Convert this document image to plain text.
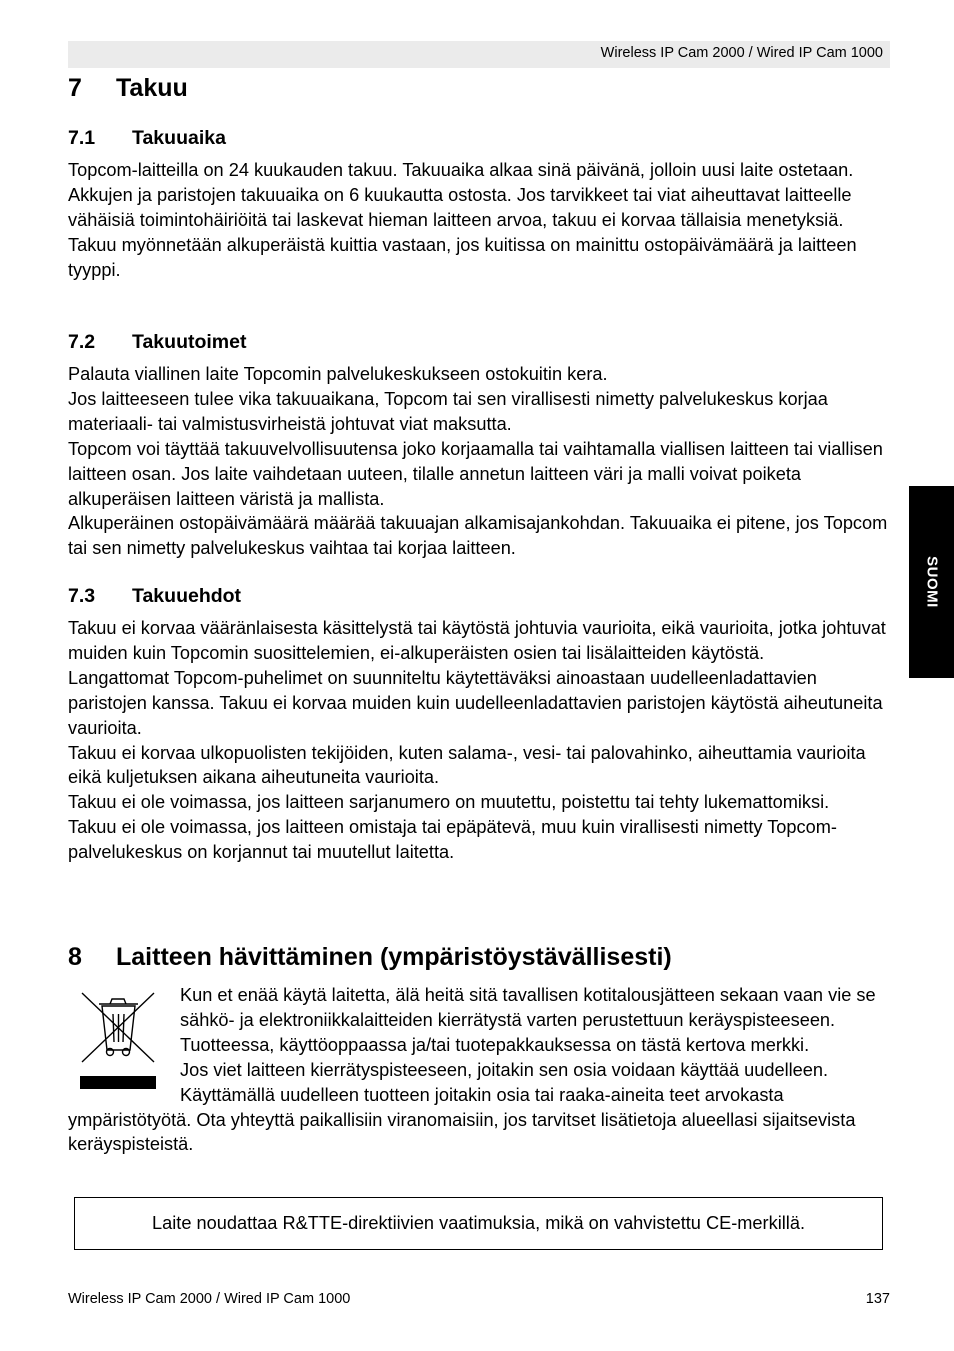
Wireless IP Cam 2000 / Wired IP Cam 1000
SUOMI
7 Takuu
7.1 Takuuaika

Topcom-laitteilla on 24 kuukauden takuu. Takuuaika alkaa sinä päivänä, jolloin uusi laite ostetaan. Akkujen ja paristojen takuuaika on 6 kuukautta ostosta. Jos tarvikkeet tai viat aiheuttavat laitteelle vähäisiä toimintohäiriöitä tai laskevat hieman laitteen arvoa, takuu ei korvaa tällaisia menetyksiä.

Takuu myönnetään alkuperäistä kuittia vastaan, jos kuitissa on mainittu ostopäivämäärä ja laitteen tyyppi.

7.2 Takuutoimet

Palauta viallinen laite Topcomin palvelukeskukseen ostokuitin kera.

Jos laitteeseen tulee vika takuuaikana, Topcom tai sen virallisesti nimetty palvelukeskus korjaa materiaali- tai valmistusvirheistä johtuvat viat maksutta.

Topcom voi täyttää takuuvelvollisuutensa joko korjaamalla tai vaihtamalla viallisen laitteen tai viallisen laitteen osan. Jos laite vaihdetaan uuteen, tilalle annetun laitteen väri ja malli voivat poiketa alkuperäisen laitteen väristä ja mallista.

Alkuperäinen ostopäivämäärä määrää takuuajan alkamisajankohdan. Takuuaika ei pitene, jos Topcom tai sen nimetty palvelukeskus vaihtaa tai korjaa laitteen.

7.3 Takuuehdot

Takuu ei korvaa vääränlaisesta käsittelystä tai käytöstä johtuvia vaurioita, eikä vaurioita, jotka johtuvat muiden kuin Topcomin suosittelemien, ei-alkuperäisten osien tai lisälaitteiden käytöstä.

Langattomat Topcom-puhelimet on suunniteltu käytettäväksi ainoastaan uudelleenladattavien paristojen kanssa. Takuu ei korvaa muiden kuin uudelleenladattavien paristojen käytöstä aiheutuneita vaurioita.

Takuu ei korvaa ulkopuolisten tekijöiden, kuten salama-, vesi- tai palovahinko, aiheuttamia vaurioita eikä kuljetuksen aikana aiheutuneita vaurioita.

Takuu ei ole voimassa, jos laitteen sarjanumero on muutettu, poistettu tai tehty lukemattomiksi.

Takuu ei ole voimassa, jos laitteen omistaja tai epäpätevä, muu kuin virallisesti nimetty Topcom-palvelukeskus on korjannut tai muutellut laitetta.

8 Laitteen hävittäminen (ympäristöystävällisesti)

Kun et enää käytä laitetta, älä heitä sitä tavallisen kotitalousjätteen sekaan vaan vie se sähkö- ja elektroniikkalaitteiden kierrätystä varten perustettuun keräyspisteeseen. Tuotteessa, käyttöoppaassa ja/tai tuotepakkauksessa on tästä kertova merkki.

Jos viet laitteen kierrätyspisteeseen, joitakin sen osia voidaan käyttää uudelleen. Käyttämällä uudelleen tuotteen joitakin osia tai raaka-aineita teet arvokasta ympäristötyötä. Ota yhteyttä paikallisiin viranomaisiin, jos tarvitset lisätietoja alueellasi sijaitsevista keräyspisteistä.

Laite noudattaa R&TTE-direktiivien vaatimuksia, mikä on vahvistettu CE-merkillä.
Wireless IP Cam 2000 / Wired IP Cam 1000	137
